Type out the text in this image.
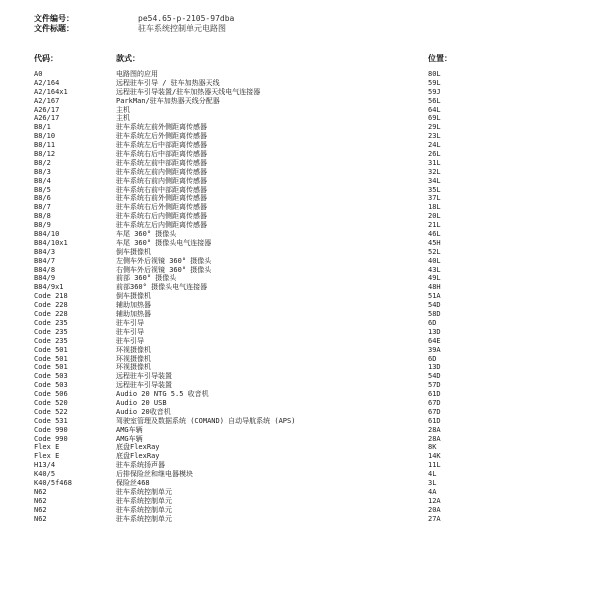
文件编号：	pe54.65-p-2105-97dba
文件标题：	驻车系统控制单元电路图
代码：	款式：	位置：
A0	电路图的应用	80L
A2/164	远程驻车引导 / 驻车加热器天线	59L
A2/164x1	远程驻车引导装置/驻车加热器天线电气连接器	59J
A2/167	ParkMan/驻车加热器天线分配器	56L
A26/17	主机	64L
A26/17	主机	69L
B8/1	驻车系统左前外侧距离传感器	29L
B8/10	驻车系统左后外侧距离传感器	23L
B8/11	驻车系统左后中部距离传感器	24L
B8/12	驻车系统右后中部距离传感器	26L
B8/2	驻车系统左前中部距离传感器	31L
B8/3	驻车系统左前内侧距离传感器	32L
B8/4	驻车系统右前内侧距离传感器	34L
B8/5	驻车系统右前中部距离传感器	35L
B8/6	驻车系统右前外侧距离传感器	37L
B8/7	驻车系统右后外侧距离传感器	18L
B8/8	驻车系统右后内侧距离传感器	20L
B8/9	驻车系统左后内侧距离传感器	21L
B84/10	车尾 360° 摄像头	46L
B84/10x1	车尾 360° 摄像头电气连接器	45H
B84/3	倒车摄像机	52L
B84/7	左侧车外后视镜 360° 摄像头	40L
B84/8	右侧车外后视镜 360° 摄像头	43L
B84/9	前部 360° 摄像头	49L
B84/9x1	前部360° 摄像头电气连接器	48H
Code 218	倒车摄像机	51A
Code 228	辅助加热器	54D
Code 228	辅助加热器	58D
Code 235	驻车引导	6D
Code 235	驻车引导	13D
Code 235	驻车引导	64E
Code 501	环视摄像机	39A
Code 501	环视摄像机	6D
Code 501	环视摄像机	13D
Code 503	远程驻车引导装置	54D
Code 503	远程驻车引导装置	57D
Code 506	Audio 20 NTG 5.5 收音机	61D
Code 520	Audio 20 USB	67D
Code 522	Audio 20收音机	67D
Code 531	驾驶室管理及数据系统 (COMAND) 自动导航系统 (APS)	61D
Code 990	AMG车辆	28A
Code 990	AMG车辆	28A
Flex E	底盘FlexRay	8K
Flex E	底盘FlexRay	14K
H13/4	驻车系统扬声器	11L
K40/5	后排保险丝和继电器模块	4L
K40/5f468	保险丝468	3L
N62	驻车系统控制单元	4A
N62	驻车系统控制单元	12A
N62	驻车系统控制单元	20A
N62	驻车系统控制单元	27A
